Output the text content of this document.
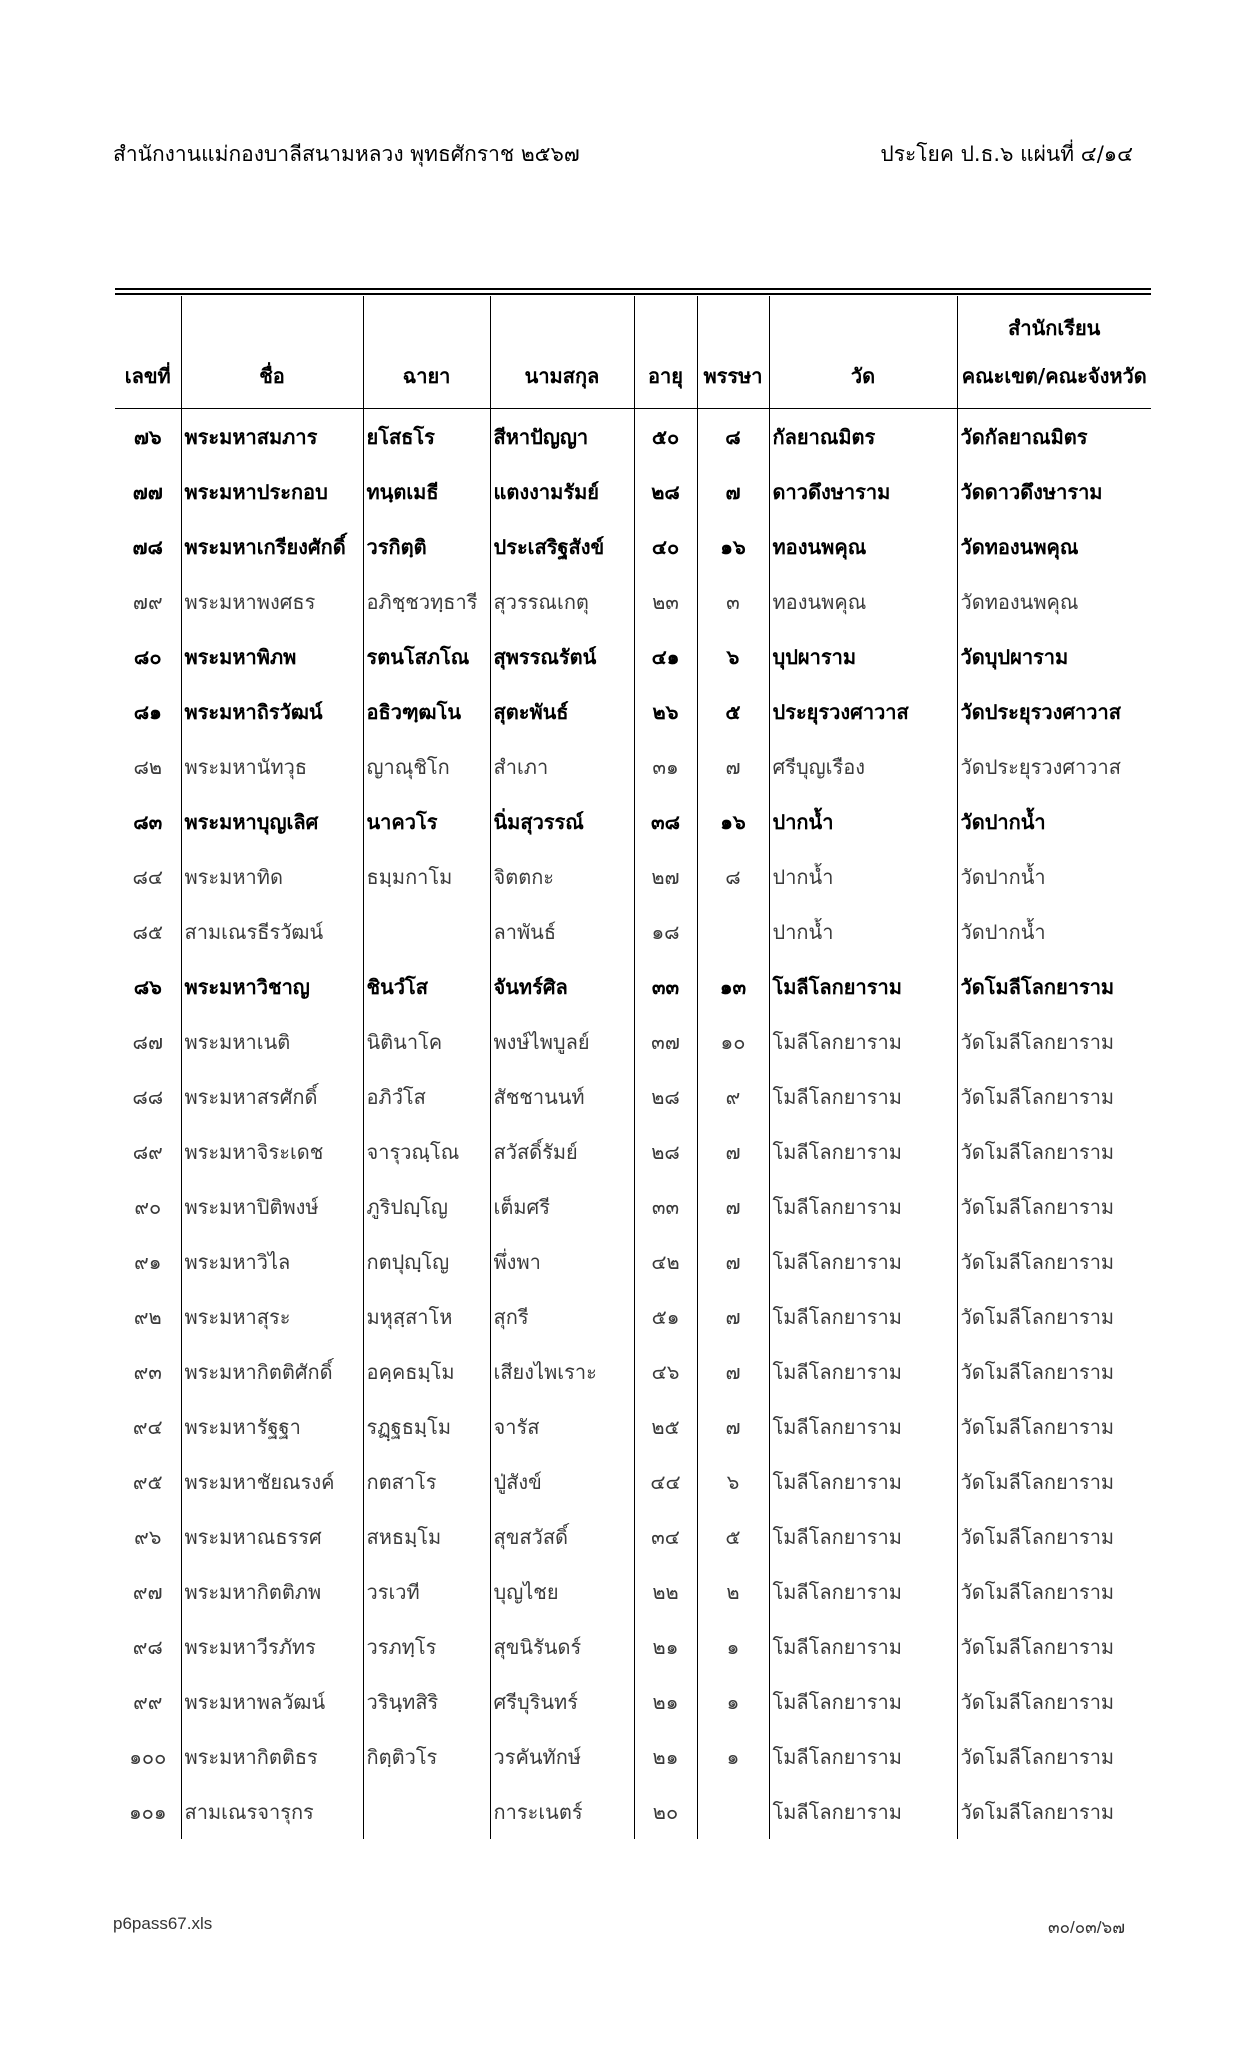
สำนักงานแม่กองบาลีสนามหลวง พุทธศักราช ๒๕๖๗	ประโยค ป.ธ.๖ แผ่นที่ ๔/๑๔
เลขที่	ชื่อ	ฉายา	นามสกุล	อายุ	พรรษา	วัด	สำนักเรียน
คณะเขต/คณะจังหวัด

๗๖	พระมหาสมภาร	ยโสธโร	สีหาปัญญา	๕๐	๘	กัลยาณมิตร	วัดกัลยาณมิตร
๗๗	พระมหาประกอบ	ทนฺตเมธี	แตงงามรัมย์	๒๘	๗	ดาวดึงษาราม	วัดดาวดึงษาราม
๗๘	พระมหาเกรียงศักดิ์	วรกิตฺติ	ประเสริฐสังข์	๔๐	๑๖	ทองนพคุณ	วัดทองนพคุณ
๗๙	พระมหาพงศธร	อภิชฺชวทฺธารี	สุวรรณเกตุ	๒๓	๓	ทองนพคุณ	วัดทองนพคุณ
๘๐	พระมหาพิภพ	รตนโสภโณ	สุพรรณรัตน์	๔๑	๖	บุปผาราม	วัดบุปผาราม
๘๑	พระมหาถิรวัฒน์	อธิวฑฺฒโน	สุตะพันธ์	๒๖	๕	ประยุรวงศาวาส	วัดประยุรวงศาวาส
๘๒	พระมหานัทวุธ	ญาณุชิโก	สำเภา	๓๑	๗	ศรีบุญเรือง	วัดประยุรวงศาวาส
๘๓	พระมหาบุญเลิศ	นาควโร	นิ่มสุวรรณ์	๓๘	๑๖	ปากน้ำ	วัดปากน้ำ
๘๔	พระมหาทิด	ธมฺมกาโม	จิตตกะ	๒๗	๘	ปากน้ำ	วัดปากน้ำ
๘๕	สามเณรธีรวัฒน์		ลาพันธ์	๑๘		ปากน้ำ	วัดปากน้ำ
๘๖	พระมหาวิชาญ	ชินวํโส	จันทร์ศิล	๓๓	๑๓	โมลีโลกยาราม	วัดโมลีโลกยาราม
๘๗	พระมหาเนติ	นิตินาโค	พงษ์ไพบูลย์	๓๗	๑๐	โมลีโลกยาราม	วัดโมลีโลกยาราม
๘๘	พระมหาสรศักดิ์	อภิวํโส	สัชชานนท์	๒๘	๙	โมลีโลกยาราม	วัดโมลีโลกยาราม
๘๙	พระมหาจิระเดช	จารุวณฺโณ	สวัสดิ์รัมย์	๒๘	๗	โมลีโลกยาราม	วัดโมลีโลกยาราม
๙๐	พระมหาปิติพงษ์	ภูริปญฺโญ	เต็มศรี	๓๓	๗	โมลีโลกยาราม	วัดโมลีโลกยาราม
๙๑	พระมหาวิไล	กตปุญฺโญ	พึ่งพา	๔๒	๗	โมลีโลกยาราม	วัดโมลีโลกยาราม
๙๒	พระมหาสุระ	มหุสฺสาโห	สุกรี	๕๑	๗	โมลีโลกยาราม	วัดโมลีโลกยาราม
๙๓	พระมหากิตติศักดิ์	อคฺคธมฺโม	เสียงไพเราะ	๔๖	๗	โมลีโลกยาราม	วัดโมลีโลกยาราม
๙๔	พระมหารัฐฐา	รฏฺฐธมฺโม	จารัส	๒๕	๗	โมลีโลกยาราม	วัดโมลีโลกยาราม
๙๕	พระมหาชัยณรงค์	กตสาโร	ปู่สังข์	๔๔	๖	โมลีโลกยาราม	วัดโมลีโลกยาราม
๙๖	พระมหาณธรรศ	สหธมฺโม	สุขสวัสดิ์	๓๔	๕	โมลีโลกยาราม	วัดโมลีโลกยาราม
๙๗	พระมหากิตติภพ	วรเวที	บุญไชย	๒๒	๒	โมลีโลกยาราม	วัดโมลีโลกยาราม
๙๘	พระมหาวีรภัทร	วรภทฺโร	สุขนิรันดร์	๒๑	๑	โมลีโลกยาราม	วัดโมลีโลกยาราม
๙๙	พระมหาพลวัฒน์	วรินฺทสิริ	ศรีบุรินทร์	๒๑	๑	โมลีโลกยาราม	วัดโมลีโลกยาราม
๑๐๐	พระมหากิตติธร	กิตฺติวโร	วรคันทักษ์	๒๑	๑	โมลีโลกยาราม	วัดโมลีโลกยาราม
๑๐๑	สามเณรจารุกร		การะเนตร์	๒๐		โมลีโลกยาราม	วัดโมลีโลกยาราม
p6pass67.xls	๓๐/๐๓/๖๗
